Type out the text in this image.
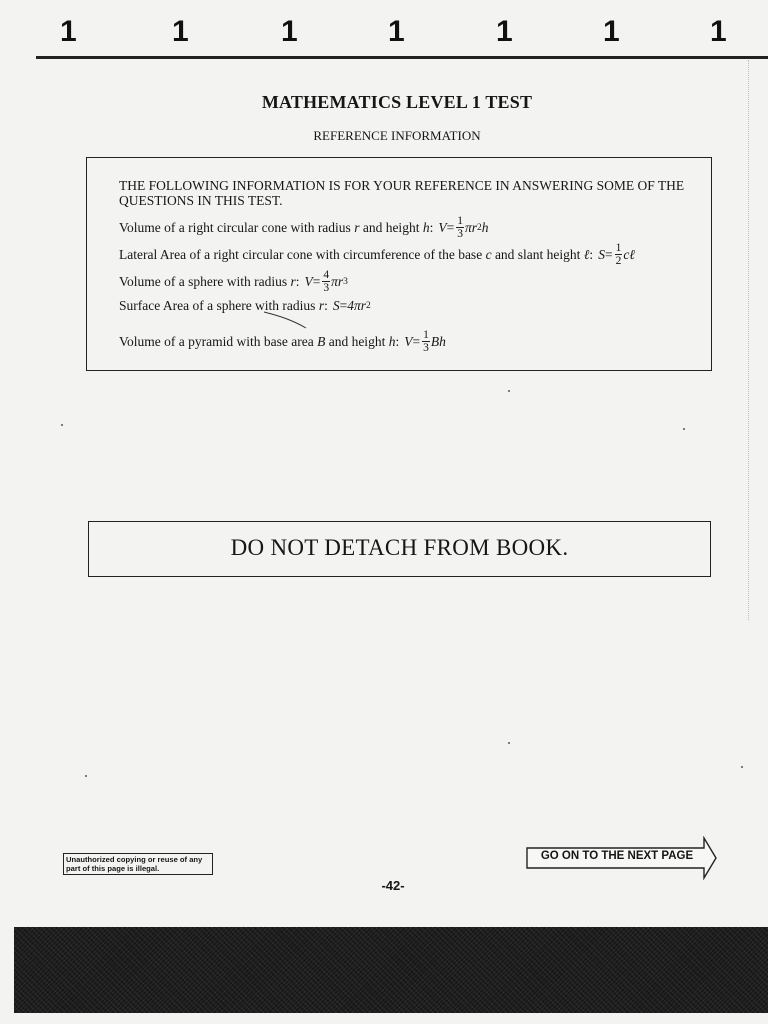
1	1	1	1	1	1	1
MATHEMATICS LEVEL 1 TEST
REFERENCE INFORMATION
THE FOLLOWING INFORMATION IS FOR YOUR REFERENCE IN ANSWERING SOME OF THE QUESTIONS IN THIS TEST.
Volume of a right circular cone with radius r and height h : $V = \frac{1}{3}$ πr 2 h
Lateral Area of a right circular cone with circumference of the base c and slant height ℓ : $S = \frac{1}{2}$ cℓ
Volume of a sphere with radius r : $V = \frac{4}{3}$ πr 3
Surface Area of a sphere with radius r : S = 4πr 2
Volume of a pyramid with base area B and height h : $V = \frac{1}{3}$ Bh
DO NOT DETACH FROM BOOK.
Unauthorized copying or reuse of any part of this page is illegal.
GO ON TO THE NEXT PAGE
-42-
